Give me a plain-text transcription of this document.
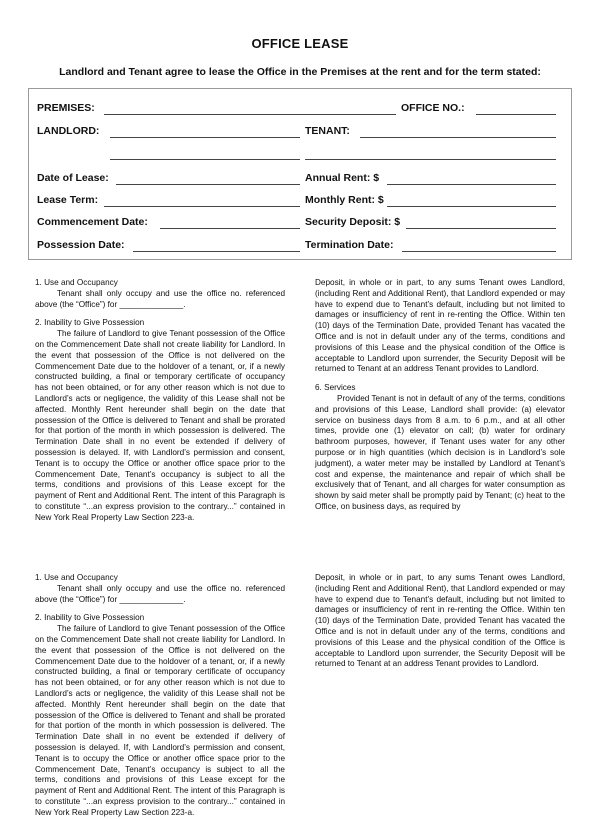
OFFICE LEASE
Landlord and Tenant agree to lease the Office in the Premises at the rent and for the term stated:
PREMISES:	OFFICE NO.:
LANDLORD:	TENANT:
Date of Lease:	Annual Rent: $
Lease Term:	Monthly Rent: $
Commencement Date:	Security Deposit: $
Possession Date:	Termination Date:

1. Use and Occupancy

Tenant shall only occupy and use the office no. referenced above (the “Office”) for ______________.

2. Inability to Give Possession

The failure of Landlord to give Tenant possession of the Office on the Commencement Date shall not create liability for Landlord. In the event that possession of the Office is not delivered on the Commencement Date due to the holdover of a tenant, or, if a newly constructed building, a final or temporary certificate of occupancy has not been obtained, or for any other reason which is not due to Landlord’s acts or negligence, the validity of this Lease shall not be affected. Monthly Rent hereunder shall begin on the date that possession of the Office is delivered to Tenant and shall be prorated for that portion of the month in which possession is delivered. The Termination Date shall in no event be extended if delivery of possession is delayed. If, with Landlord’s permission and consent, Tenant is to occupy the Office or another office space prior to the Commencement Date, Tenant’s occupancy is subject to all the terms, conditions and provisions of this Lease except for the payment of Rent and Additional Rent. The intent of this Paragraph is to constitute “...an express provision to the contrary...” contained in New York Real Property Law Section 223-a.

Deposit, in whole or in part, to any sums Tenant owes Landlord, (including Rent and Additional Rent), that Landlord expended or may have to expend due to Tenant’s default, including but not limited to damages or insufficiency of rent in re-renting the Office. Within ten (10) days of the Termination Date, provided Tenant has vacated the Office and is not in default under any of the terms, conditions and provisions of this Lease and the physical condition of the Office is acceptable to Landlord upon surrender, the Security Deposit will be returned to Tenant at an address Tenant provides to Landlord.

6. Services

Provided Tenant is not in default of any of the terms, conditions and provisions of this Lease, Landlord shall provide: (a) elevator service on business days from 8 a.m. to 6 p.m., and at all other times, provide one (1) elevator on call; (b) water for ordinary bathroom purposes, however, if Tenant uses water for any other purpose or in high quantities (which decision is in Landlord’s sole judgment), a water meter may be installed by Landlord at Tenant’s cost and expense, the maintenance and repair of which shall be exclusively that of Tenant, and all charges for water consumption as shown by said meter shall be promptly paid by Tenant; (c) heat to the Office, on business days, as required by

1. Use and Occupancy

Tenant shall only occupy and use the office no. referenced above (the “Office”) for ______________.

2. Inability to Give Possession

The failure of Landlord to give Tenant possession of the Office on the Commencement Date shall not create liability for Landlord. In the event that possession of the Office is not delivered on the Commencement Date due to the holdover of a tenant, or, if a newly constructed building, a final or temporary certificate of occupancy has not been obtained, or for any other reason which is not due to Landlord’s acts or negligence, the validity of this Lease shall not be affected. Monthly Rent hereunder shall begin on the date that possession of the Office is delivered to Tenant and shall be prorated for that portion of the month in which possession is delivered. The Termination Date shall in no event be extended if delivery of possession is delayed. If, with Landlord’s permission and consent, Tenant is to occupy the Office or another office space prior to the Commencement Date, Tenant’s occupancy is subject to all the terms, conditions and provisions of this Lease except for the payment of Rent and Additional Rent. The intent of this Paragraph is to constitute “...an express provision to the contrary...” contained in New York Real Property Law Section 223-a.

Deposit, in whole or in part, to any sums Tenant owes Landlord, (including Rent and Additional Rent), that Landlord expended or may have to expend due to Tenant’s default, including but not limited to damages or insufficiency of rent in re-renting the Office. Within ten (10) days of the Termination Date, provided Tenant has vacated the Office and is not in default under any of the terms, conditions and provisions of this Lease and the physical condition of the Office is acceptable to Landlord upon surrender, the Security Deposit will be returned to Tenant at an address Tenant provides to Landlord.
